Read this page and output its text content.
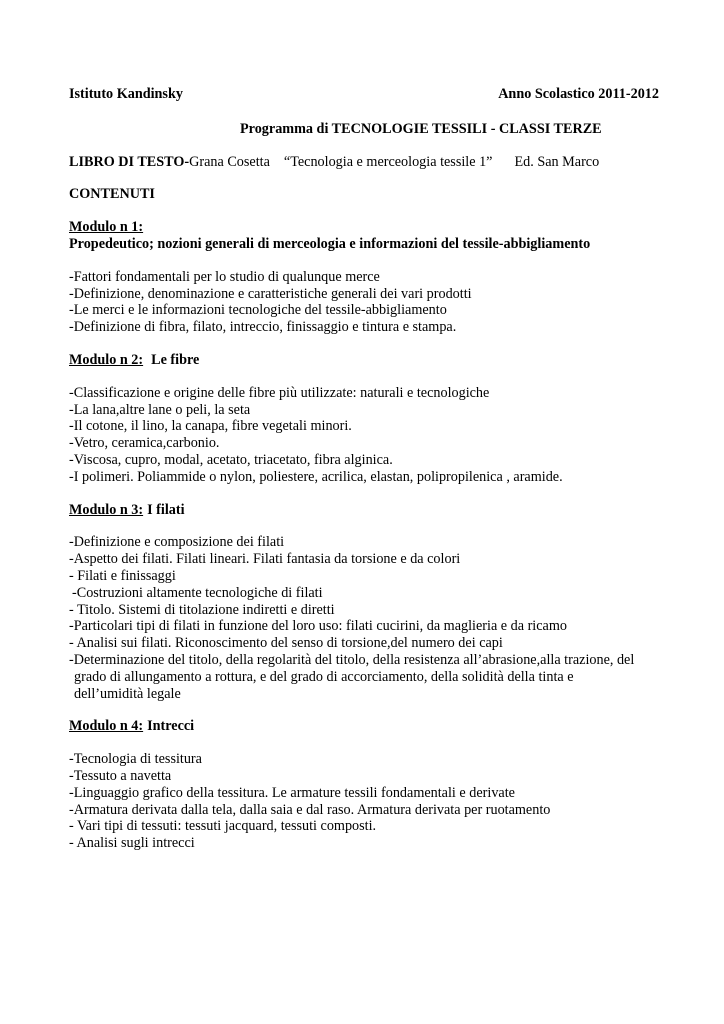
Istituto Kandinsky	Anno Scolastico 2011-2012
Programma di TECNOLOGIE TESSILI - CLASSI TERZE
LIBRO DI TESTO-Grana Cosetta “Tecnologia e merceologia tessile 1” Ed. San Marco
CONTENUTI
Modulo n 1:
Propedeutico; nozioni generali di merceologia e informazioni del tessile-abbigliamento
-Fattori fondamentali per lo studio di qualunque merce
-Definizione, denominazione e caratteristiche generali dei vari prodotti
-Le merci e le informazioni tecnologiche del tessile-abbigliamento
-Definizione di fibra, filato, intreccio, finissaggio e tintura e stampa.
Modulo n 2: Le fibre
-Classificazione e origine delle fibre più utilizzate: naturali e tecnologiche
-La lana,altre lane o peli, la seta
-Il cotone, il lino, la canapa, fibre vegetali minori.
-Vetro, ceramica,carbonio.
-Viscosa, cupro, modal, acetato, triacetato, fibra alginica.
-I polimeri. Poliammide o nylon, poliestere, acrilica, elastan, polipropilenica , aramide.
Modulo n 3: I filati
-Definizione e composizione dei filati
-Aspetto dei filati. Filati lineari. Filati fantasia da torsione e da colori
- Filati e finissaggi
-Costruzioni altamente tecnologiche di filati
- Titolo. Sistemi di titolazione indiretti e diretti
-Particolari tipi di filati in funzione del loro uso: filati cucirini, da maglieria e da ricamo
- Analisi sui filati. Riconoscimento del senso di torsione,del numero dei capi
-Determinazione del titolo, della regolarità del titolo, della resistenza all’abrasione,alla trazione, del
grado di allungamento a rottura, e del grado di accorciamento, della solidità della tinta e
dell’umidità legale
Modulo n 4: Intrecci
-Tecnologia di tessitura
-Tessuto a navetta
-Linguaggio grafico della tessitura. Le armature tessili fondamentali e derivate
-Armatura derivata dalla tela, dalla saia e dal raso. Armatura derivata per ruotamento
- Vari tipi di tessuti: tessuti jacquard, tessuti composti.
- Analisi sugli intrecci
